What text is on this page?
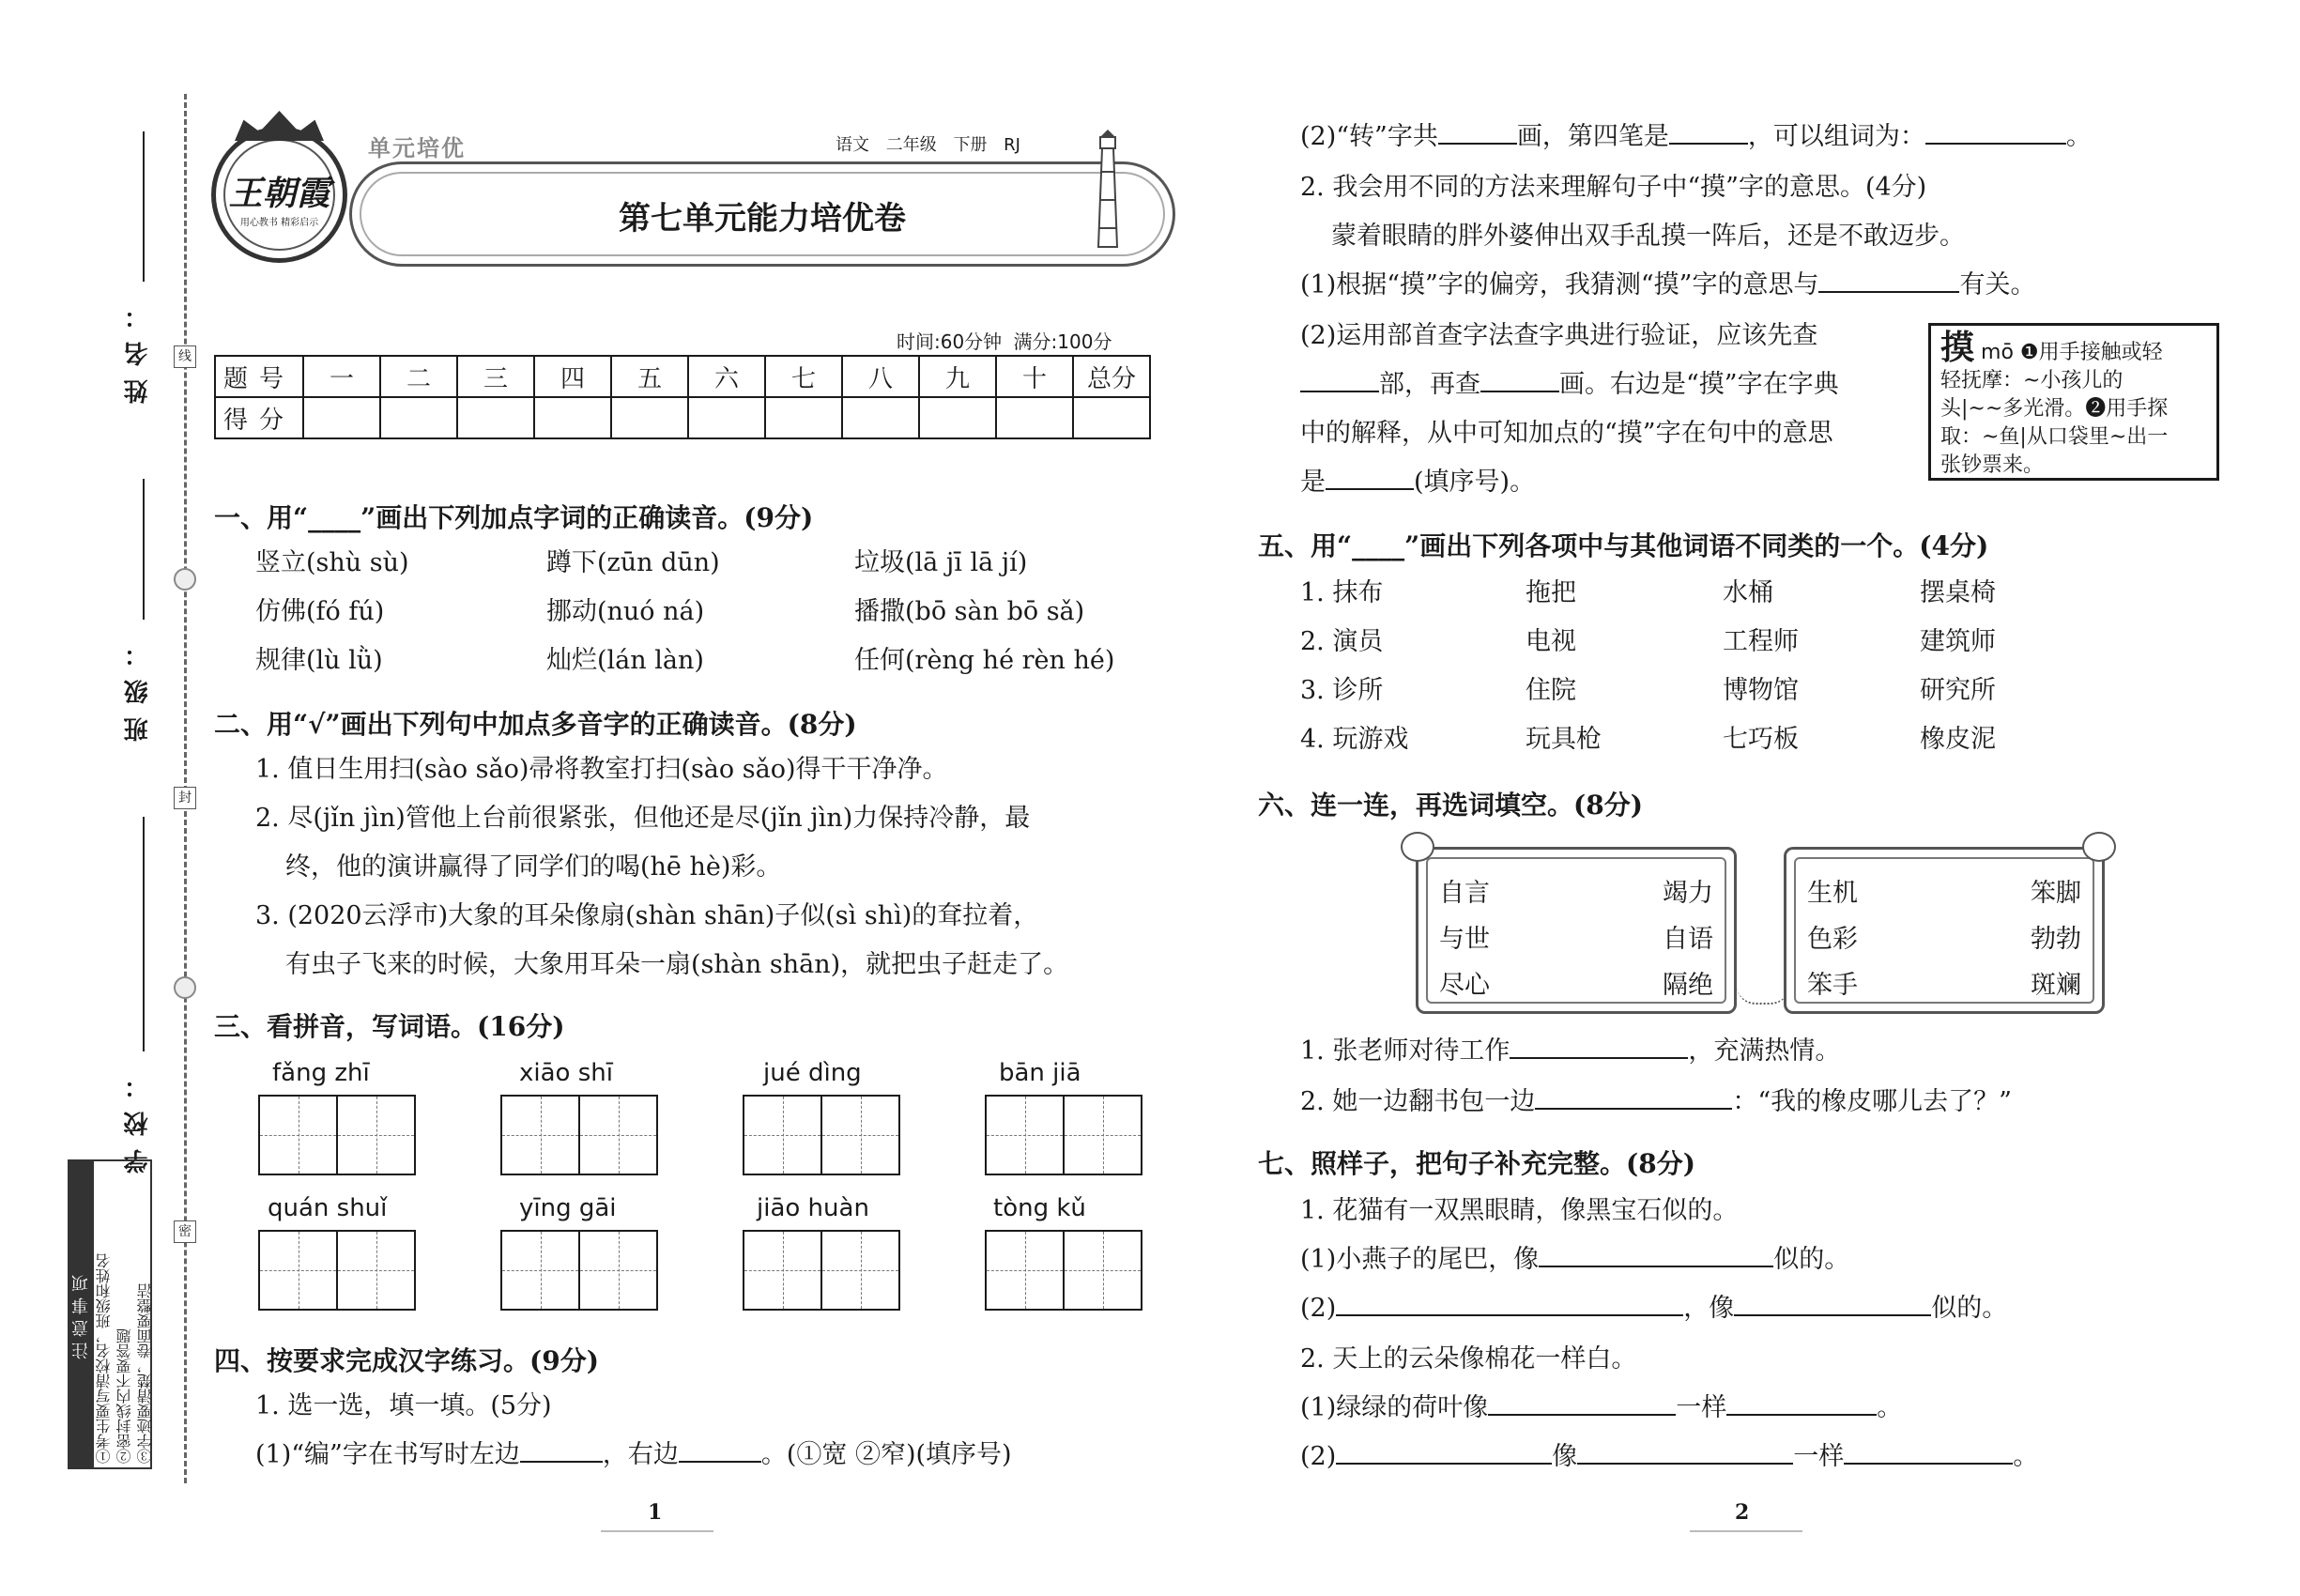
姓名：
班级：
学校：
线
封
密
注意事项 ①考生要写清校名，班级和姓名 ②密封线内不要答题 ③字迹要清楚，卷面要整洁
王朝霞
用心教书 精彩启示
单元培优	语文 二年级 下册 RJ
第七单元能力培优卷
时间:60分钟 满分:100分
题号	一	二	三	四	五	六	七	八	九	十	总分
得分											
一、用“____”画出下列加点字词的正确读音。(9分)
竖立(shù sù)	蹲下(zūn dūn)	垃圾(lā jī lā jí)
仿佛(fó fú)	挪动(nuó ná)	播撒(bō sàn bō sǎ)
规律(lù lǜ)	灿烂(lán làn)	任何(rèng hé rèn hé)
二、用“√”画出下列句中加点多音字的正确读音。(8分)
1. 值日生用扫(sào sǎo)帚将教室打扫(sào sǎo)得干干净净。
2. 尽(jǐn jìn)管他上台前很紧张，但他还是尽(jǐn jìn)力保持冷静，最
终，他的演讲赢得了同学们的喝(hē hè)彩。
3. (2020云浮市)大象的耳朵像扇(shàn shān)子似(sì shì)的耷拉着，
有虫子飞来的时候，大象用耳朵一扇(shàn shān)，就把虫子赶走了。
三、看拼音，写词语。(16分)
fǎng zhī	xiāo shī	jué dìng	bān jiā
quán shuǐ	yīng gāi	jiāo huàn	tòng kǔ
四、按要求完成汉字练习。(9分)
1. 选一选，填一填。(5分)
(1)“编”字在书写时左边	，右边	。(①宽 ②窄)(填序号)
1
(2)“转”字共	画，第四笔是	，可以组词为：	。
2. 我会用不同的方法来理解句子中“摸”字的意思。(4分)
蒙着眼睛的胖外婆伸出双手乱摸一阵后，还是不敢迈步。
(1)根据“摸”字的偏旁，我猜测“摸”字的意思与	有关。
(2)运用部首查字法查字典进行验证，应该先查
部，再查	画。右边是“摸”字在字典
中的解释，从中可知加点的“摸”字在句中的意思
是	(填序号)。
摸 mō ❶用手接触或轻
轻抚摩：~小孩儿的
头|~~多光滑。❷用手探
取：~鱼|从口袋里~出一
张钞票来。
五、用“____”画出下列各项中与其他词语不同类的一个。(4分)
1. 抹布	拖把	水桶	摆桌椅
2. 演员	电视	工程师	建筑师
3. 诊所	住院	博物馆	研究所
4. 玩游戏	玩具枪	七巧板	橡皮泥
六、连一连，再选词填空。(8分)
自言	竭力
与世	自语
尽心	隔绝
生机	笨脚
色彩	勃勃
笨手	斑斓
1. 张老师对待工作	，充满热情。
2. 她一边翻书包一边	：“我的橡皮哪儿去了？”
七、照样子，把句子补充完整。(8分)
1. 花猫有一双黑眼睛，像黑宝石似的。
(1)小燕子的尾巴，像	似的。
(2)	，像	似的。
2. 天上的云朵像棉花一样白。
(1)绿绿的荷叶像	一样	。
(2)	像	一样	。
2
